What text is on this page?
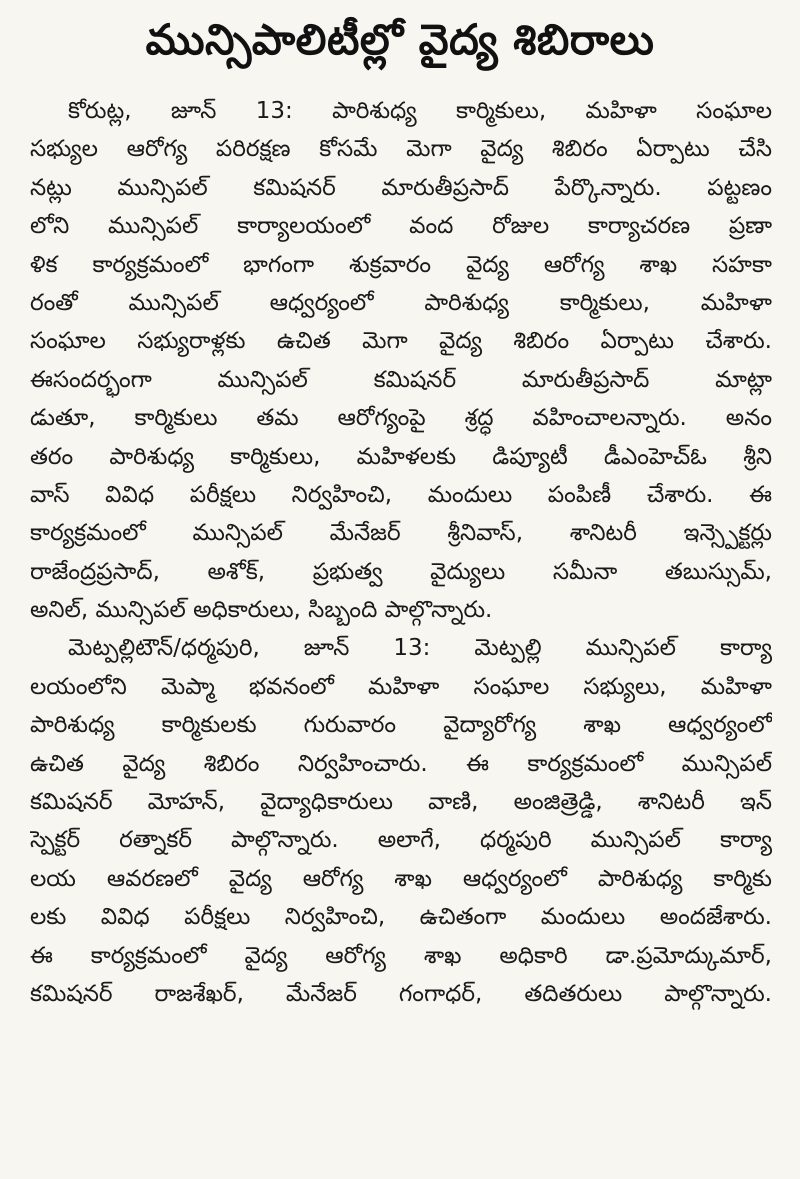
మున్సిపాలిటీల్లో వైద్య శిబిరాలు
కోరుట్ల, జూన్ 13: పారిశుధ్య కార్మికులు, మహిళా సంఘాల
సభ్యుల ఆరోగ్య పరిరక్షణ కోసమే మెగా వైద్య శిబిరం ఏర్పాటు చేసి
నట్లు మున్సిపల్ కమిషనర్ మారుతీప్రసాద్ పేర్కొన్నారు. పట్టణం
లోని మున్సిపల్ కార్యాలయంలో వంద రోజుల కార్యాచరణ ప్రణా
ళిక కార్యక్రమంలో భాగంగా శుక్రవారం వైద్య ఆరోగ్య శాఖ సహకా
రంతో మున్సిపల్ ఆధ్వర్యంలో పారిశుధ్య కార్మికులు, మహిళా
సంఘాల సభ్యురాళ్లకు ఉచిత మెగా వైద్య శిబిరం ఏర్పాటు చేశారు.
ఈసందర్భంగా మున్సిపల్ కమిషనర్ మారుతీప్రసాద్ మాట్లా
డుతూ, కార్మికులు తమ ఆరోగ్యంపై శ్రద్ధ వహించాలన్నారు. అనం
తరం పారిశుధ్య కార్మికులు, మహిళలకు డిప్యూటీ డీఎంహెచ్ఓ శ్రీని
వాస్ వివిధ పరీక్షలు నిర్వహించి, మందులు పంపిణీ చేశారు. ఈ
కార్యక్రమంలో మున్సిపల్ మేనేజర్ శ్రీనివాస్, శానిటరీ ఇన్స్పెక్టర్లు
రాజేంద్రప్రసాద్, అశోక్, ప్రభుత్వ వైద్యులు సమీనా తబుస్సుమ్,
అనిల్, మున్సిపల్ అధికారులు, సిబ్బంది పాల్గొన్నారు.
మెట్పల్లిటౌన్/ధర్మపురి, జూన్ 13: మెట్పల్లి మున్సిపల్ కార్యా
లయంలోని మెప్మా భవనంలో మహిళా సంఘాల సభ్యులు, మహిళా
పారిశుధ్య కార్మికులకు గురువారం వైద్యారోగ్య శాఖ ఆధ్వర్యంలో
ఉచిత వైద్య శిబిరం నిర్వహించారు. ఈ కార్యక్రమంలో మున్సిపల్
కమిషనర్ మోహన్, వైద్యాధికారులు వాణి, అంజిత్రెడ్డి, శానిటరీ ఇన్
స్పెక్టర్ రత్నాకర్ పాల్గొన్నారు. అలాగే, ధర్మపురి మున్సిపల్ కార్యా
లయ ఆవరణలో వైద్య ఆరోగ్య శాఖ ఆధ్వర్యంలో పారిశుధ్య కార్మికు
లకు వివిధ పరీక్షలు నిర్వహించి, ఉచితంగా మందులు అందజేశారు.
ఈ కార్యక్రమంలో వైద్య ఆరోగ్య శాఖ అధికారి డా.ప్రమోద్కుమార్,
కమిషనర్ రాజశేఖర్, మేనేజర్ గంగాధర్, తదితరులు పాల్గొన్నారు.
